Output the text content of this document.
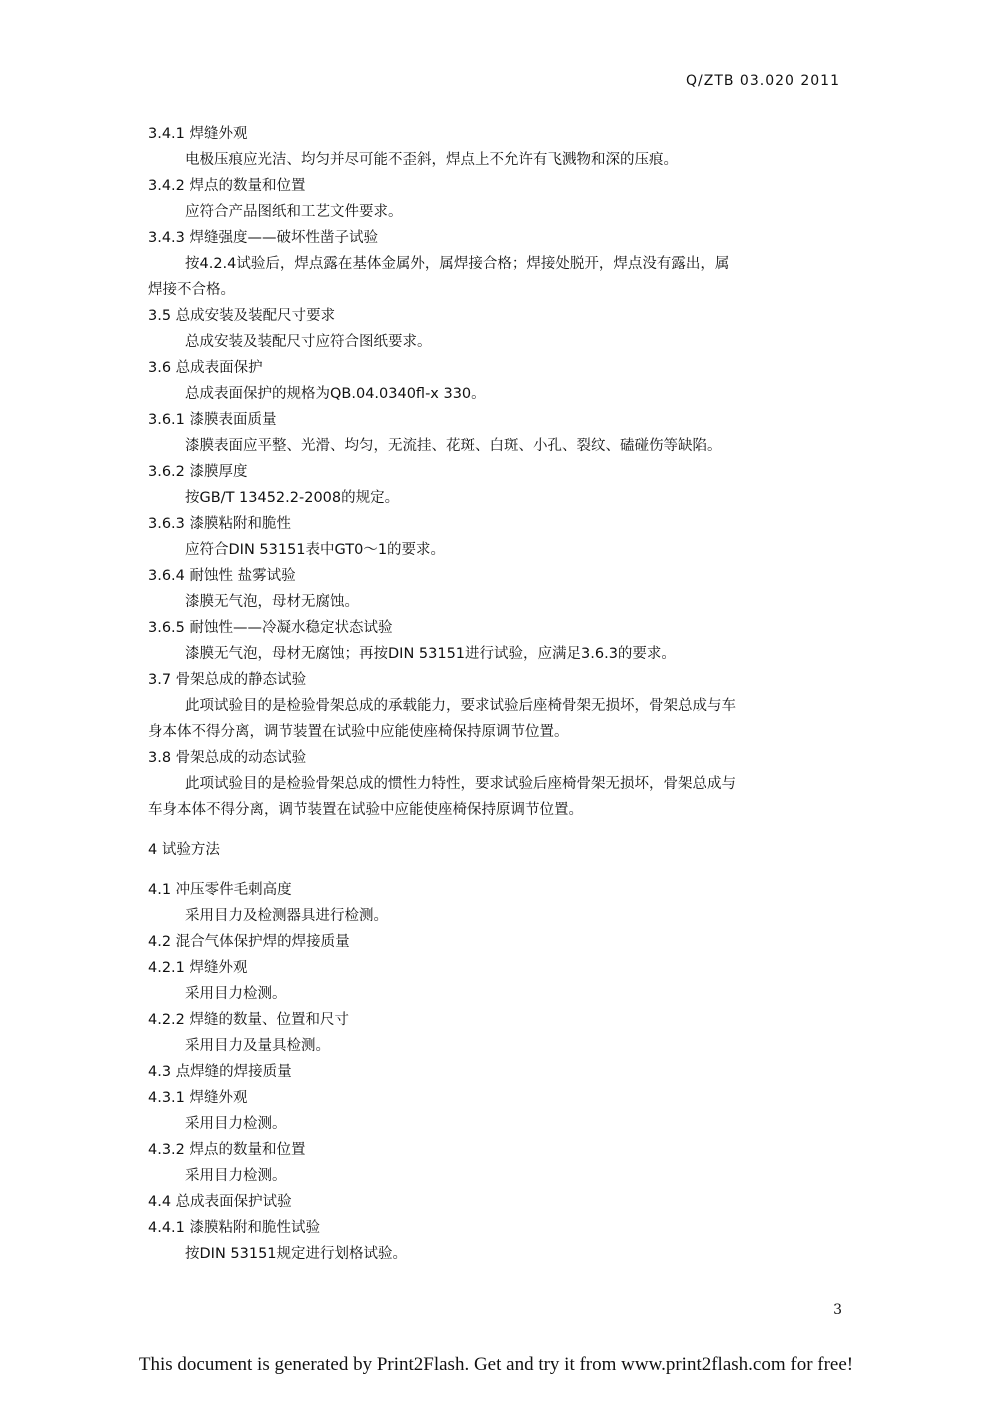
Q/ZTB 03.020 2011
3.4.1 焊缝外观
电极压痕应光洁、均匀并尽可能不歪斜，焊点上不允许有飞溅物和深的压痕。
3.4.2 焊点的数量和位置
应符合产品图纸和工艺文件要求。
3.4.3 焊缝强度——破坏性凿子试验
按4.2.4试验后，焊点露在基体金属外，属焊接合格；焊接处脱开，焊点没有露出，属
焊接不合格。
3.5 总成安装及装配尺寸要求
总成安装及装配尺寸应符合图纸要求。
3.6 总成表面保护
总成表面保护的规格为QB.04.0340fl-x 330。
3.6.1 漆膜表面质量
漆膜表面应平整、光滑、均匀，无流挂、花斑、白斑、小孔、裂纹、磕碰伤等缺陷。
3.6.2 漆膜厚度
按GB/T 13452.2-2008的规定。
3.6.3 漆膜粘附和脆性
应符合DIN 53151表中GT0～1的要求。
3.6.4 耐蚀性 盐雾试验
漆膜无气泡，母材无腐蚀。
3.6.5 耐蚀性——冷凝水稳定状态试验
漆膜无气泡，母材无腐蚀；再按DIN 53151进行试验，应满足3.6.3的要求。
3.7 骨架总成的静态试验
此项试验目的是检验骨架总成的承载能力，要求试验后座椅骨架无损坏，骨架总成与车
身本体不得分离，调节装置在试验中应能使座椅保持原调节位置。
3.8 骨架总成的动态试验
此项试验目的是检验骨架总成的惯性力特性，要求试验后座椅骨架无损坏，骨架总成与
车身本体不得分离，调节装置在试验中应能使座椅保持原调节位置。
4 试验方法
4.1 冲压零件毛刺高度
采用目力及检测器具进行检测。
4.2 混合气体保护焊的焊接质量
4.2.1 焊缝外观
采用目力检测。
4.2.2 焊缝的数量、位置和尺寸
采用目力及量具检测。
4.3 点焊缝的焊接质量
4.3.1 焊缝外观
采用目力检测。
4.3.2 焊点的数量和位置
采用目力检测。
4.4 总成表面保护试验
4.4.1 漆膜粘附和脆性试验
按DIN 53151规定进行划格试验。
3
This document is generated by Print2Flash. Get and try it from www.print2flash.com for free!
